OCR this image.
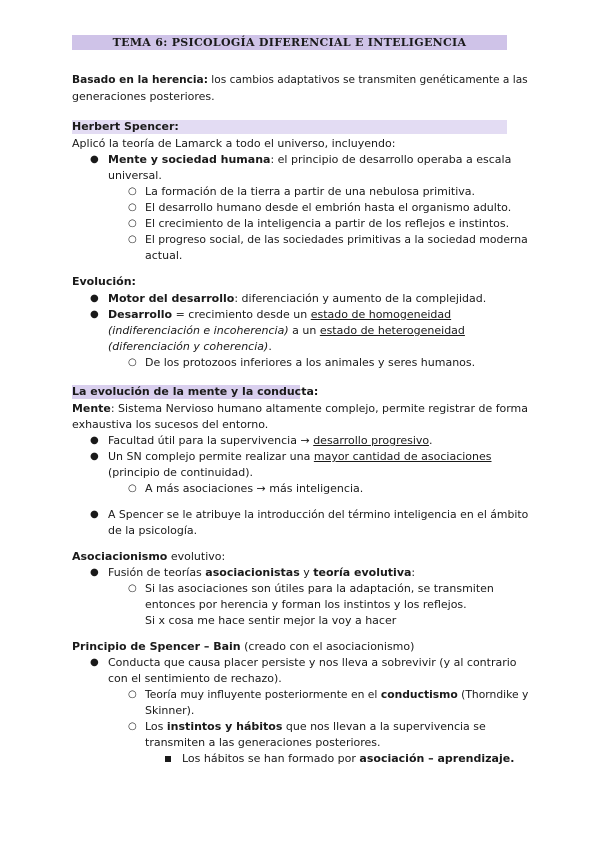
TEMA 6: PSICOLOGÍA DIFERENCIAL E INTELIGENCIA
Basado en la herencia: los cambios adaptativos se transmiten genéticamente a las
generaciones posteriores.
Herbert Spencer:
Aplicó la teoría de Lamarck a todo el universo, incluyendo:
● Mente y sociedad humana: el principio de desarrollo operaba a escala
universal.
○ La formación de la tierra a partir de una nebulosa primitiva.
○ El desarrollo humano desde el embrión hasta el organismo adulto.
○ El crecimiento de la inteligencia a partir de los reflejos e instintos.
○ El progreso social, de las sociedades primitivas a la sociedad moderna
actual.
Evolución:
● Motor del desarrollo: diferenciación y aumento de la complejidad.
● Desarrollo = crecimiento desde un estado de homogeneidad
(indiferenciación e incoherencia) a un estado de heterogeneidad
(diferenciación y coherencia).
○ De los protozoos inferiores a los animales y seres humanos.
La evolución de la mente y la conducta:
Mente: Sistema Nervioso humano altamente complejo, permite registrar de forma
exhaustiva los sucesos del entorno.
● Facultad útil para la supervivencia → desarrollo progresivo.
● Un SN complejo permite realizar una mayor cantidad de asociaciones
(principio de continuidad).
○ A más asociaciones → más inteligencia.
● A Spencer se le atribuye la introducción del término inteligencia en el ámbito
de la psicología.
Asociacionismo evolutivo:
● Fusión de teorías asociacionistas y teoría evolutiva:
○ Si las asociaciones son útiles para la adaptación, se transmiten
entonces por herencia y forman los instintos y los reflejos.
Si x cosa me hace sentir mejor la voy a hacer
Principio de Spencer – Bain (creado con el asociacionismo)
● Conducta que causa placer persiste y nos lleva a sobrevivir (y al contrario
con el sentimiento de rechazo).
○ Teoría muy influyente posteriormente en el conductismo (Thorndike y
Skinner).
○ Los instintos y hábitos que nos llevan a la supervivencia se
transmiten a las generaciones posteriores.
Los hábitos se han formado por asociación – aprendizaje.
